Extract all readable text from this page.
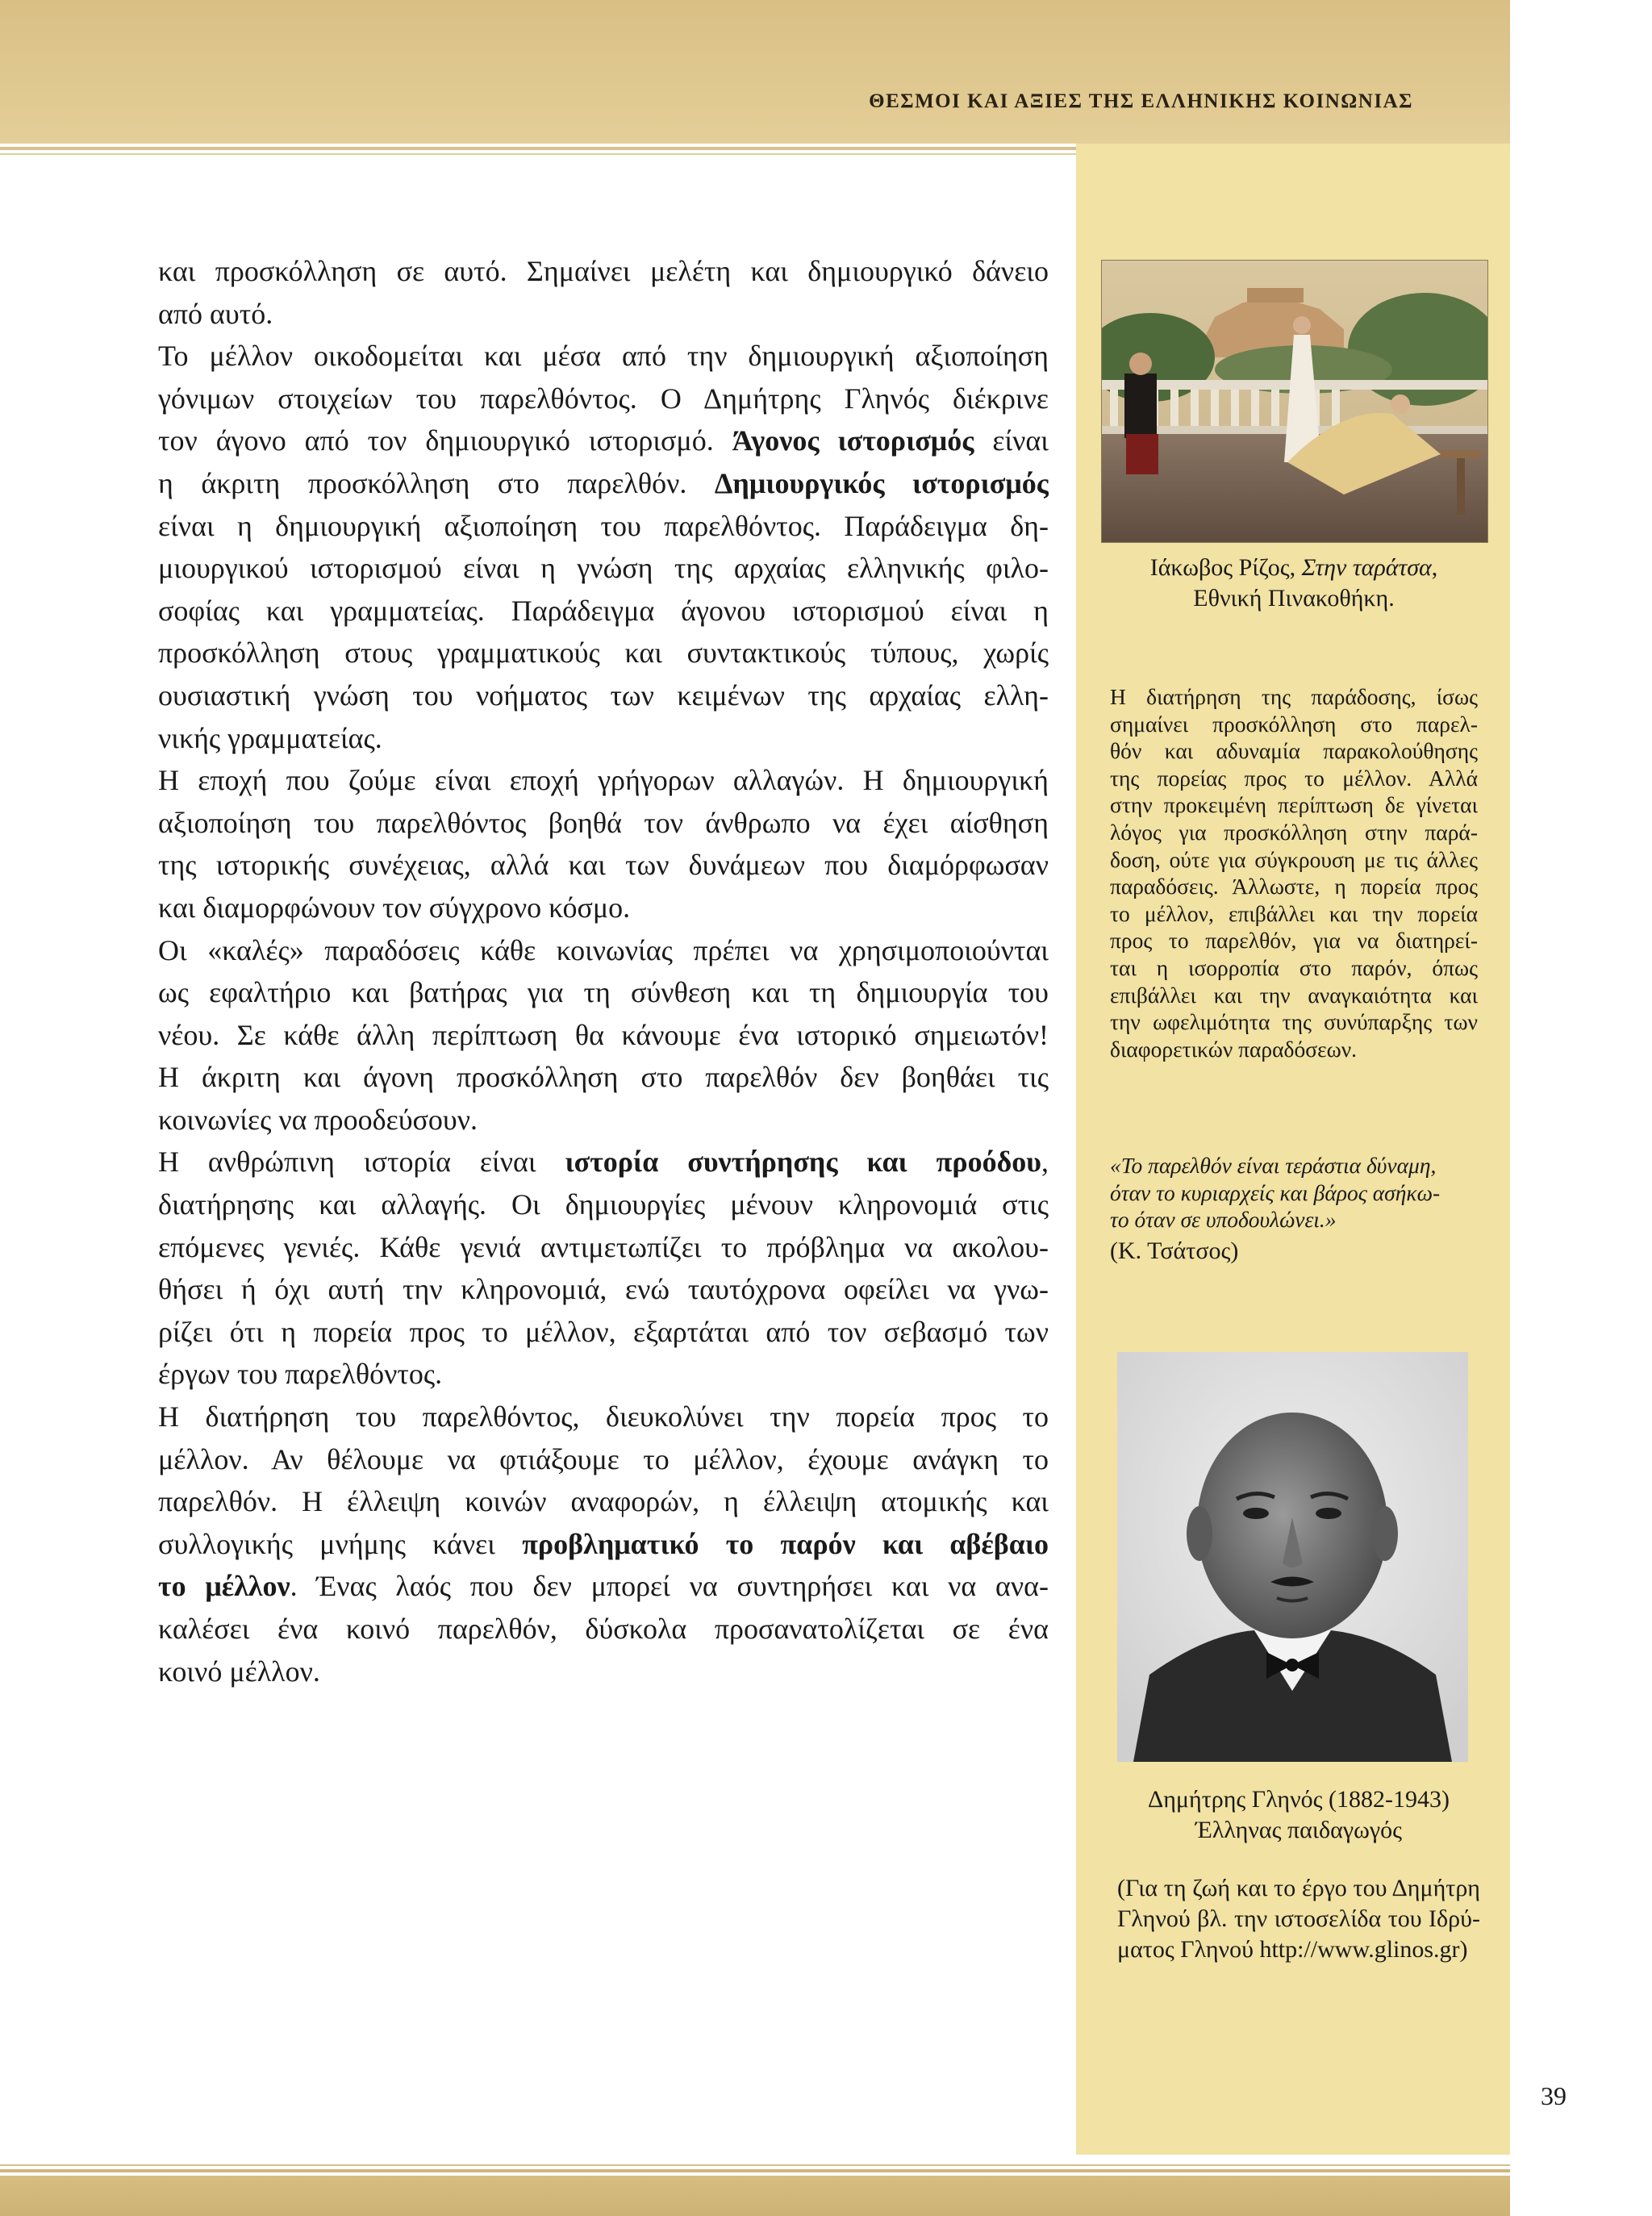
ΘΕΣΜΟΙ ΚΑΙ ΑΞΙΕΣ ΤΗΣ ΕΛΛΗΝΙΚΗΣ ΚΟΙΝΩΝΙΑΣ
39
και προσκόλληση σε αυτό. Σημαίνει μελέτη και δημιουργικό δάνειο
από αυτό.
Το μέλλον οικοδομείται και μέσα από την δημιουργική αξιοποίηση
γόνιμων στοιχείων του παρελθόντος. Ο Δημήτρης Γληνός διέκρινε
τον άγονο από τον δημιουργικό ιστορισμό. Άγονος ιστορισμός είναι
η άκριτη προσκόλληση στο παρελθόν. Δημιουργικός ιστορισμός
είναι η δημιουργική αξιοποίηση του παρελθόντος. Παράδειγμα δη-
μιουργικού ιστορισμού είναι η γνώση της αρχαίας ελληνικής φιλο-
σοφίας και γραμματείας. Παράδειγμα άγονου ιστορισμού είναι η
προσκόλληση στους γραμματικούς και συντακτικούς τύπους, χωρίς
ουσιαστική γνώση του νοήματος των κειμένων της αρχαίας ελλη-
νικής γραμματείας.
Η εποχή που ζούμε είναι εποχή γρήγορων αλλαγών. Η δημιουργική
αξιοποίηση του παρελθόντος βοηθά τον άνθρωπο να έχει αίσθηση
της ιστορικής συνέχειας, αλλά και των δυνάμεων που διαμόρφωσαν
και διαμορφώνουν τον σύγχρονο κόσμο.
Οι «καλές» παραδόσεις κάθε κοινωνίας πρέπει να χρησιμοποιούνται
ως εφαλτήριο και βατήρας για τη σύνθεση και τη δημιουργία του
νέου. Σε κάθε άλλη περίπτωση θα κάνουμε ένα ιστορικό σημειωτόν!
Η άκριτη και άγονη προσκόλληση στο παρελθόν δεν βοηθάει τις
κοινωνίες να προοδεύσουν.
Η ανθρώπινη ιστορία είναι ιστορία συντήρησης και προόδου,
διατήρησης και αλλαγής. Οι δημιουργίες μένουν κληρονομιά στις
επόμενες γενιές. Κάθε γενιά αντιμετωπίζει το πρόβλημα να ακολου-
θήσει ή όχι αυτή την κληρονομιά, ενώ ταυτόχρονα οφείλει να γνω-
ρίζει ότι η πορεία προς το μέλλον, εξαρτάται από τον σεβασμό των
έργων του παρελθόντος.
Η διατήρηση του παρελθόντος, διευκολύνει την πορεία προς το
μέλλον. Αν θέλουμε να φτιάξουμε το μέλλον, έχουμε ανάγκη το
παρελθόν. Η έλλειψη κοινών αναφορών, η έλλειψη ατομικής και
συλλογικής μνήμης κάνει προβληματικό το παρόν και αβέβαιο
το μέλλον. Ένας λαός που δεν μπορεί να συντηρήσει και να ανα-
καλέσει ένα κοινό παρελθόν, δύσκολα προσανατολίζεται σε ένα
κοινό μέλλον.
Ιάκωβος Ρίζος, Στην ταράτσα,
Εθνική Πινακοθήκη.
Η διατήρηση της παράδοσης, ίσως
σημαίνει προσκόλληση στο παρελ-
θόν και αδυναμία παρακολούθησης
της πορείας προς το μέλλον. Αλλά
στην προκειμένη περίπτωση δε γίνεται
λόγος για προσκόλληση στην παρά-
δοση, ούτε για σύγκρουση με τις άλλες
παραδόσεις. Άλλωστε, η πορεία προς
το μέλλον, επιβάλλει και την πορεία
προς το παρελθόν, για να διατηρεί-
ται η ισορροπία στο παρόν, όπως
επιβάλλει και την αναγκαιότητα και
την ωφελιμότητα της συνύπαρξης των
διαφορετικών παραδόσεων.
«Το παρελθόν είναι τεράστια δύναμη,
όταν το κυριαρχείς και βάρος ασήκω-
το όταν σε υποδουλώνει.»
(Κ. Τσάτσος)
Δημήτρης Γληνός (1882-1943)
Έλληνας παιδαγωγός
(Για τη ζωή και το έργο του Δημήτρη
Γληνού βλ. την ιστοσελίδα του Ιδρύ-
ματος Γληνού http://www.glinos.gr)
